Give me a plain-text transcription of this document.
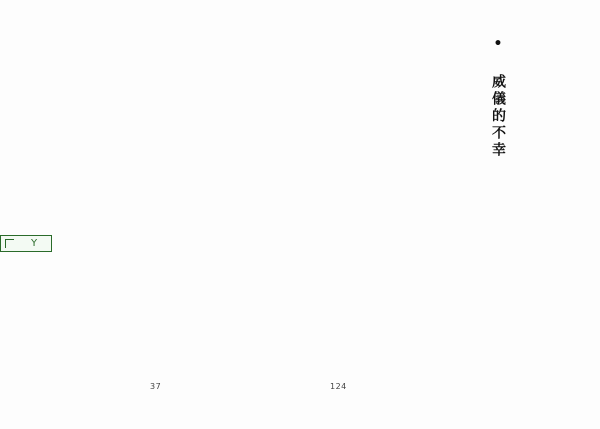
37
Y

• 威儀的不幸

124
